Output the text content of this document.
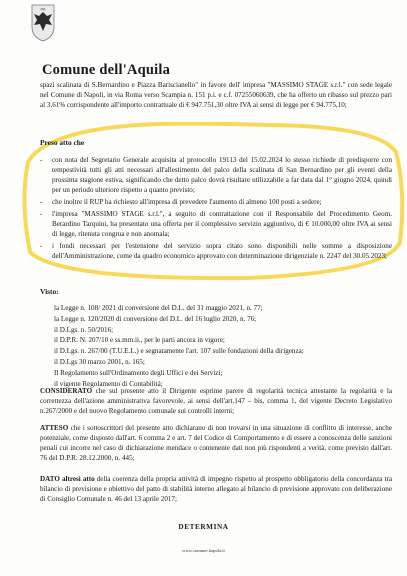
PA
Comune dell'Aquila

spazi scalinata di S.Bernardino e Piazza Bariscianello" in favore dell' impresa "MASSIMO STAGE s.r.l." con sede legale nel Comune di Napoli, in via Roma verso Scampia n. 151 p.i. e c.f. 07255060639, che ha offerto un ribasso sul prezzo pari al 3,61% corrispondente all'importo contrattuale di € 947.751,30 oltre IVA ai sensi di legge per € 94.775,10;

Preso atto che
- con nota del Segretario Generale acquisita al protocollo 19113 del 15.02.2024 lo stesso richiede di predisporre con tempestività tutti gli atti necessari all'allestimento del palco della scalinata di San Bernardino per gli eventi della prossima stagione estiva, significando che detto palco dovrà risultare utilizzabile a far data dal 1° giugno 2024, quindi per un periodo ulteriore rispetto a quanto previsto;
- che inoltre il RUP ha richiesto all'impresa di prevedere l'aumento di almeno 100 posti a sedere;
- l'impresa "MASSIMO STAGE s.r.l.", a seguito di contrattazione con il Responsabile del Procedimento Geom. Berardino Tarquini, ha presentato una offerta per il complessivo servizio aggiuntivo, di € 10.000,00 oltre IVA ai sensi di legge, ritenuta congrua e non anomala;
- i fondi necessari per l'estensione del servizio sopra citato sono disponibili nelle somme a disposizione dell'Amministrazione, come da quadro economico approvato con determinazione dirigenziale n. 2247 del 30.05.2023;
Visto:
la Legge n. 108/ 2021 di conversione del D.L. del 31 maggio 2021, n. 77;
la Legge n. 120/2020 di conversione del D.L. del 16 luglio 2020, n. 76;
il D.Lgs. n. 50/2016;
il D.P.R. N. 207/10 e ss.mm.ii., per le parti ancora in vigore;
il D.Lgs. n. 267/00 (T.U.E.L.) e segnatamente l'art. 107 sulle fondazioni della dirigenza;
il D.Lgs 30 marzo 2001, n. 165;
Il Regolamento sull'Ordinamento degli Uffici e dei Servizi;
il vigente Regolamento di Contabilità;

CONSIDERATO che sul presente atto il Dirigente esprime parere di regolarità tecnica attestante la regolarità e la correttezza dell'azione amministrativa favorevole, ai sensi dell'art.147 – bis, comma 1, del vigente Decreto Legislativo n.267/2000 e del nuovo Regolamento comunale sui controlli interni;

ATTESO che i sottoscrittori del presente atto dichiarano di non trovarsi in una situazione di conflitto di interesse, anche potenziale, come disposto dall'art. 6 comma 2 e art. 7 del Codice di Comportamento e di essere a conoscenza delle sanzioni penali cui incorre nel caso di dichiarazione mendace o contenente dati non più rispondenti a verità, come previsto dall'art. 76 del D.P.R. 28.12.2000, n. 445;

DATO altresì atto della coerenza della propria attività di impegno rispetto al prospetto obbligatorio della concordanza tra bilancio di previsione e obiettivo del patto di stabilità interno allegato al bilancio di previsione approvato con deliberazione di Consiglio Comunale n. 46 del 13 aprile 2017;

DETERMINA
www.comune.laquila.it
